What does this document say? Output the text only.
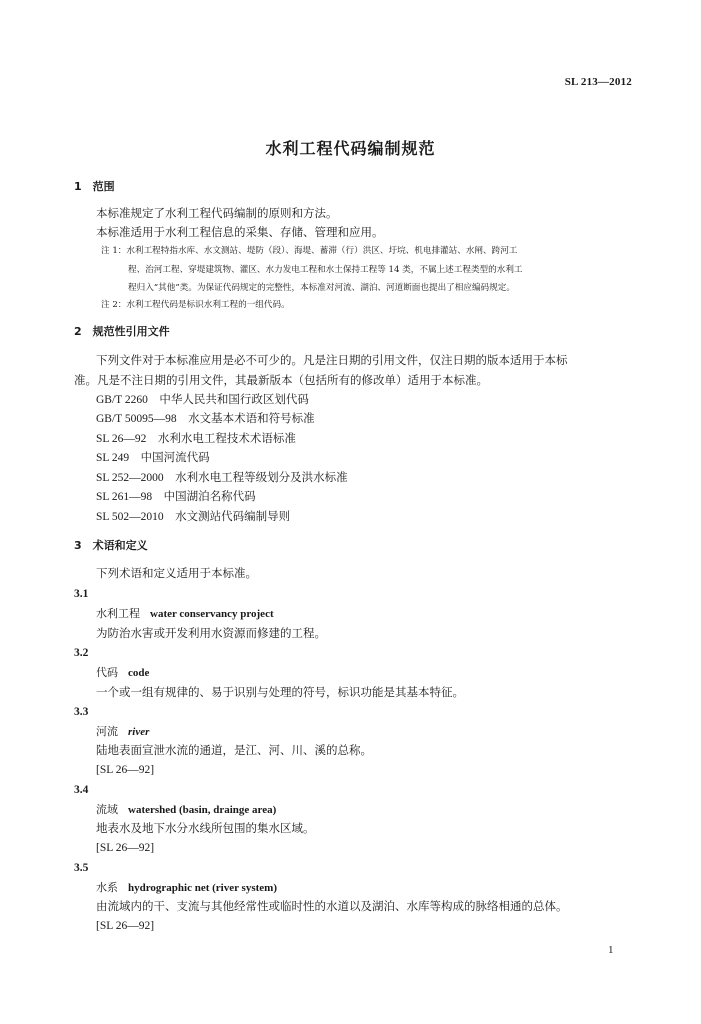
SL 213—2012
水利工程代码编制规范
1　范围
本标准规定了水利工程代码编制的原则和方法。
本标准适用于水利工程信息的采集、存储、管理和应用。
注 1：水利工程特指水库、水文测站、堤防（段）、海堤、蓄滞（行）洪区、圩垸、机电排灌站、水闸、跨河工
程、治河工程、穿堤建筑物、灌区、水力发电工程和水土保持工程等 14 类，不属上述工程类型的水利工
程归入“其他”类。为保证代码规定的完整性，本标准对河流、湖泊、河道断面也提出了相应编码规定。
注 2：水利工程代码是标识水利工程的一组代码。
2　规范性引用文件
下列文件对于本标准应用是必不可少的。凡是注日期的引用文件，仅注日期的版本适用于本标
准。凡是不注日期的引用文件，其最新版本（包括所有的修改单）适用于本标准。
GB/T 2260　 中华人民共和国行政区划代码
GB/T 50095—98　 水文基本术语和符号标准
SL 26—92　 水利水电工程技术术语标准
SL 249　 中国河流代码
SL 252—2000　 水利水电工程等级划分及洪水标准
SL 261—98　 中国湖泊名称代码
SL 502—2010　 水文测站代码编制导则
3　术语和定义
下列术语和定义适用于本标准。
3.1
水利工程 water conservancy project
为防治水害或开发利用水资源而修建的工程。
3.2
代码 code
一个或一组有规律的、易于识别与处理的符号，标识功能是其基本特征。
3.3
河流 river
陆地表面宣泄水流的通道，是江、河、川、溪的总称。
[SL 26—92]
3.4
流域 watershed (basin, drainge area)
地表水及地下水分水线所包围的集水区域。
[SL 26—92]
3.5
水系 hydrographic net (river system)
由流域内的干、支流与其他经常性或临时性的水道以及湖泊、水库等构成的脉络相通的总体。
[SL 26—92]
1
